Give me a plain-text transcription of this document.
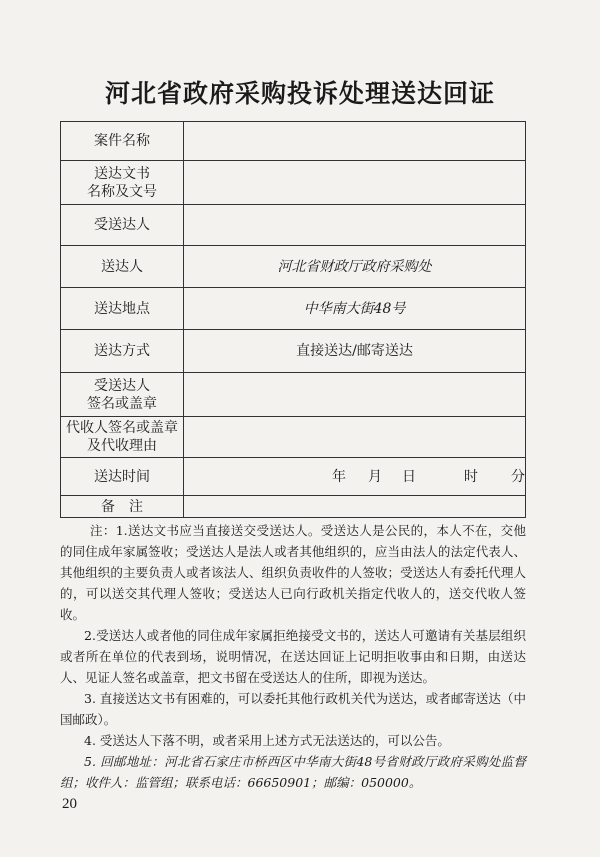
河北省政府采购投诉处理送达回证
案件名称	

送达文书
名称及文号	

受送达人	
送达人	河北省财政厅政府采购处
送达地点	中华南大街48号
送达方式	直接送达/邮寄送达

受送达人
签名或盖章	

代收人签名或盖章
及代收理由	

送达时间	年 月 日 时 分

备　注	

注：1.送达文书应当直接送交受送达人。受送达人是公民的，本人不在，交他的同住成年家属签收；受送达人是法人或者其他组织的，应当由法人的法定代表人、其他组织的主要负责人或者该法人、组织负责收件的人签收；受送达人有委托代理人的，可以送交其代理人签收；受送达人已向行政机关指定代收人的，送交代收人签收。

2.受送达人或者他的同住成年家属拒绝接受文书的，送达人可邀请有关基层组织或者所在单位的代表到场，说明情况，在送达回证上记明拒收事由和日期，由送达人、见证人签名或盖章，把文书留在受送达人的住所，即视为送达。

3. 直接送达文书有困难的，可以委托其他行政机关代为送达，或者邮寄送达（中国邮政）。

4. 受送达人下落不明，或者采用上述方式无法送达的，可以公告。

5. 回邮地址：河北省石家庄市桥西区中华南大街48号省财政厅政府采购处监督组；收件人：监管组；联系电话：66650901；邮编：050000。

20
